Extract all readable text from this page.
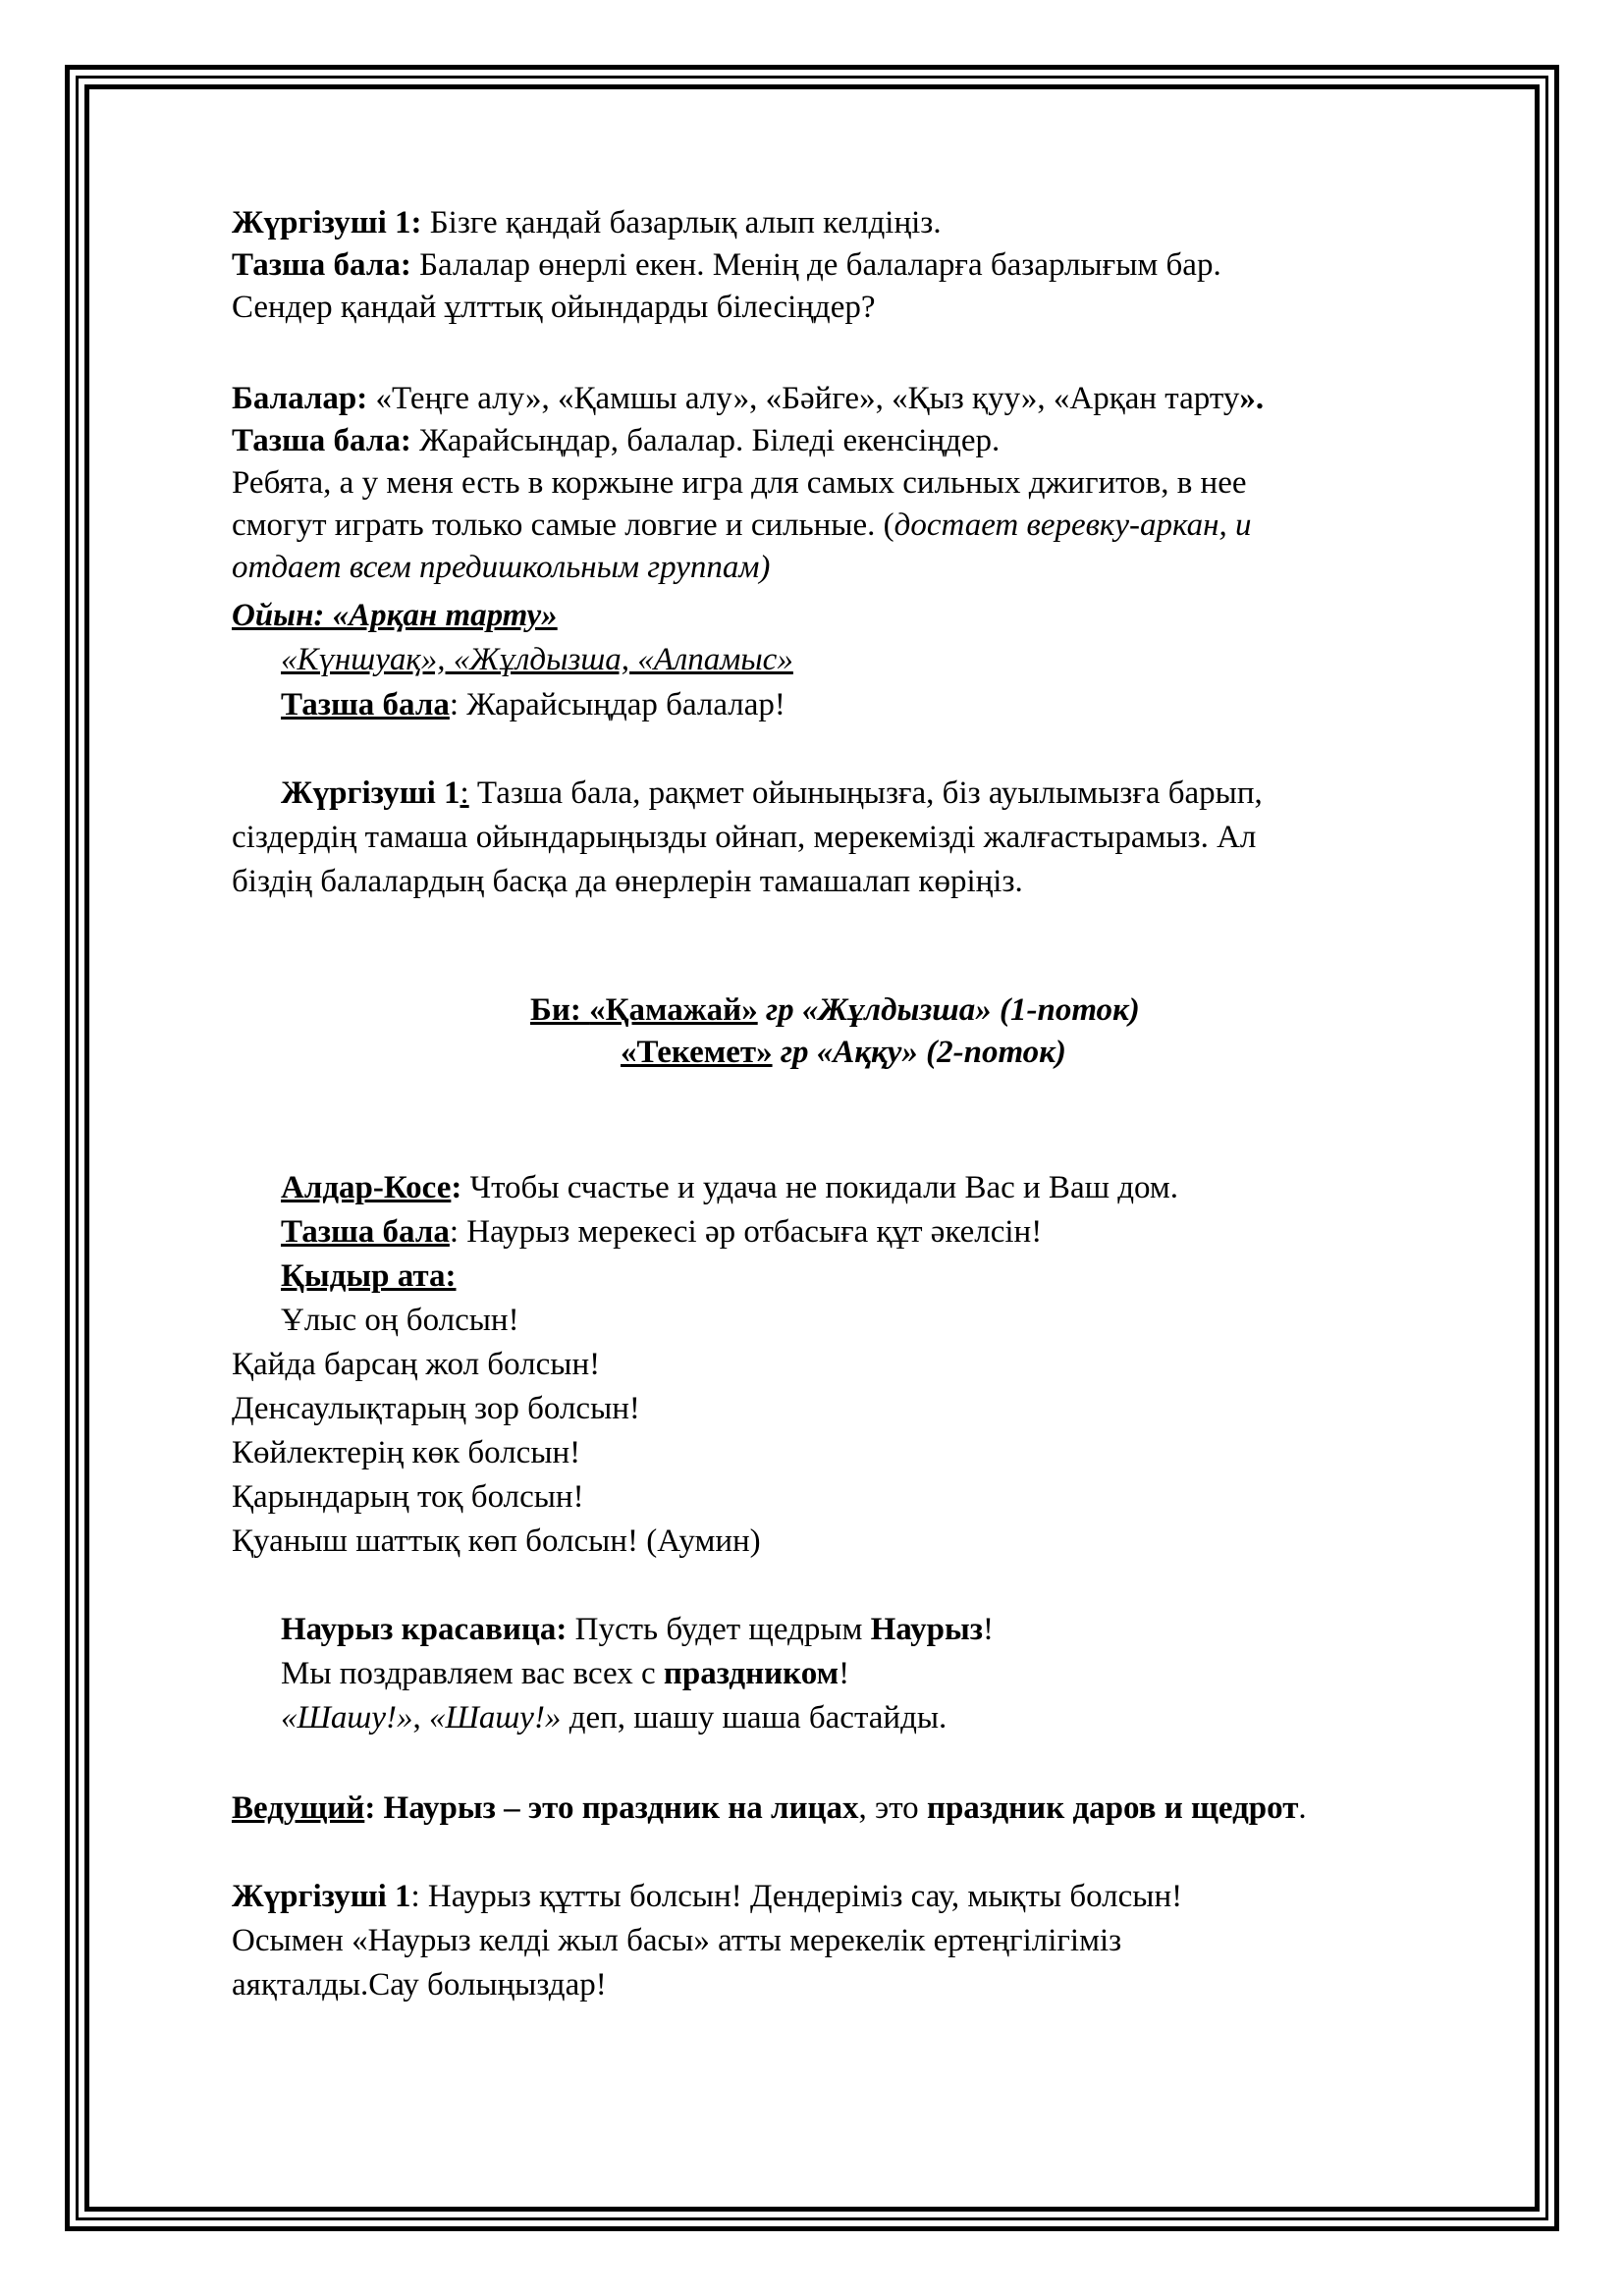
Жүргізуші 1: Бізге қандай базарлық алып келдіңіз.
Тазша бала: Балалар өнерлі екен. Менің де балаларға базарлығым бар.
Сендер қандай ұлттық ойындарды білесіңдер?
Балалар: «Теңге алу», «Қамшы алу», «Бәйге», «Қыз қуу», «Арқан тарту».
Тазша бала: Жарайсыңдар, балалар. Біледі екенсіңдер.
Ребята, а у меня есть в коржыне игра для самых сильных джигитов, в нее
смогут играть только самые ловгие и сильные. (достает веревку-аркан, и
отдает всем предишкольным группам)
Ойын: «Арқан тарту»
«Күншуақ», «Жұлдызша, «Алпамыс»
Тазша бала: Жарайсыңдар балалар!
Жүргізуші 1: Тазша бала, рақмет ойыныңызға, біз ауылымызға барып,
сіздердің тамаша ойындарыңызды ойнап, мерекемізді жалғастырамыз. Ал
біздің балалардың басқа да өнерлерін тамашалап көріңіз.
Би: «Қамажай» гр «Жұлдызша» (1-поток)
«Текемет» гр «Аққу» (2-поток)
Алдар-Косе: Чтобы счастье и удача не покидали Вас и Ваш дом.
Тазша бала: Наурыз мерекесі әр отбасыға құт әкелсін!
Қыдыр ата:
Ұлыс оң болсын!
Қайда барсаң жол болсын!
Денсаулықтарың зор болсын!
Көйлектерің көк болсын!
Қарындарың тоқ болсын!
Қуаныш шаттық көп болсын! (Аумин)
Наурыз красавица: Пусть будет щедрым Наурыз!
Мы поздравляем вас всех с праздником!
«Шашу!», «Шашу!» деп, шашу шаша бастайды.
Ведущий: Наурыз – это праздник на лицах, это праздник даров и щедрот.
Жүргізуші 1: Наурыз құтты болсын! Дендеріміз сау, мықты болсын!
Осымен «Наурыз келді жыл басы» атты мерекелік ертеңгілігіміз
аяқталды.Сау болыңыздар!
